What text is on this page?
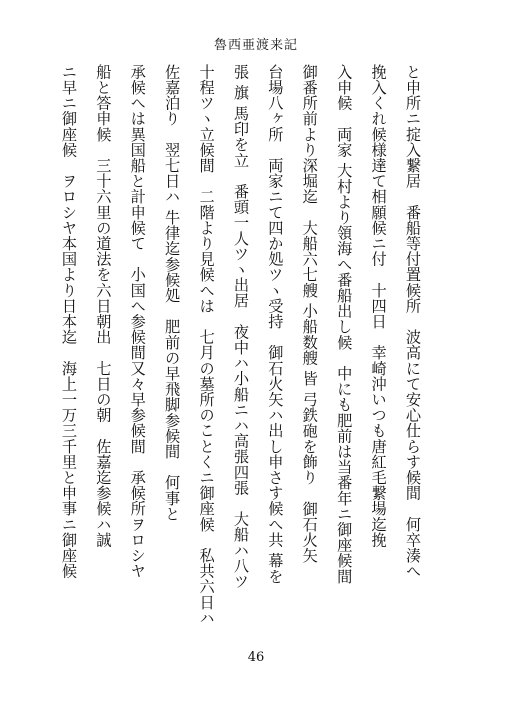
魯西亜渡来記
と申所ニ掟入繋居　番船等付置候所　波高にて安心仕らす候間　何卒湊へ
挽入くれ候様達て相願候ニ付　十四日　幸崎沖いつも唐紅毛繋場迄挽
入申候　両家 大村より領海へ番船出し候　中にも肥前は当番年ニ御座候間
御番所前より深堀迄　大船六七艘 小船数艘 皆 弓鉄砲を飾り　御石火矢
台場八ヶ所　両家ニて四か処ツヽ受持　御石火矢ハ出し申さす候へ共 幕を
張 旗 馬印を立　番頭一人ツヽ出居　夜中ハ小船ニハ高張四張　大船ハ八ツ
十程ツヽ立候間　二階より見候へは　七月の墓所のことくニ御座候　私共六日ハ
佐嘉泊り　翌七日ハ 牛律迄参候処　肥前の早飛脚参候間　何事と
承候へは異国船と計申候て　小国へ参候間又々早参候間　承候所ヲロシヤ
船と答申候　三十六里の道法を六日朝出　七日の朝　佐嘉迄参候ハ誠
ニ早ニ御座候　ヲロシヤ本国より日本迄　海上一万三千里と申事ニ御座候
46
